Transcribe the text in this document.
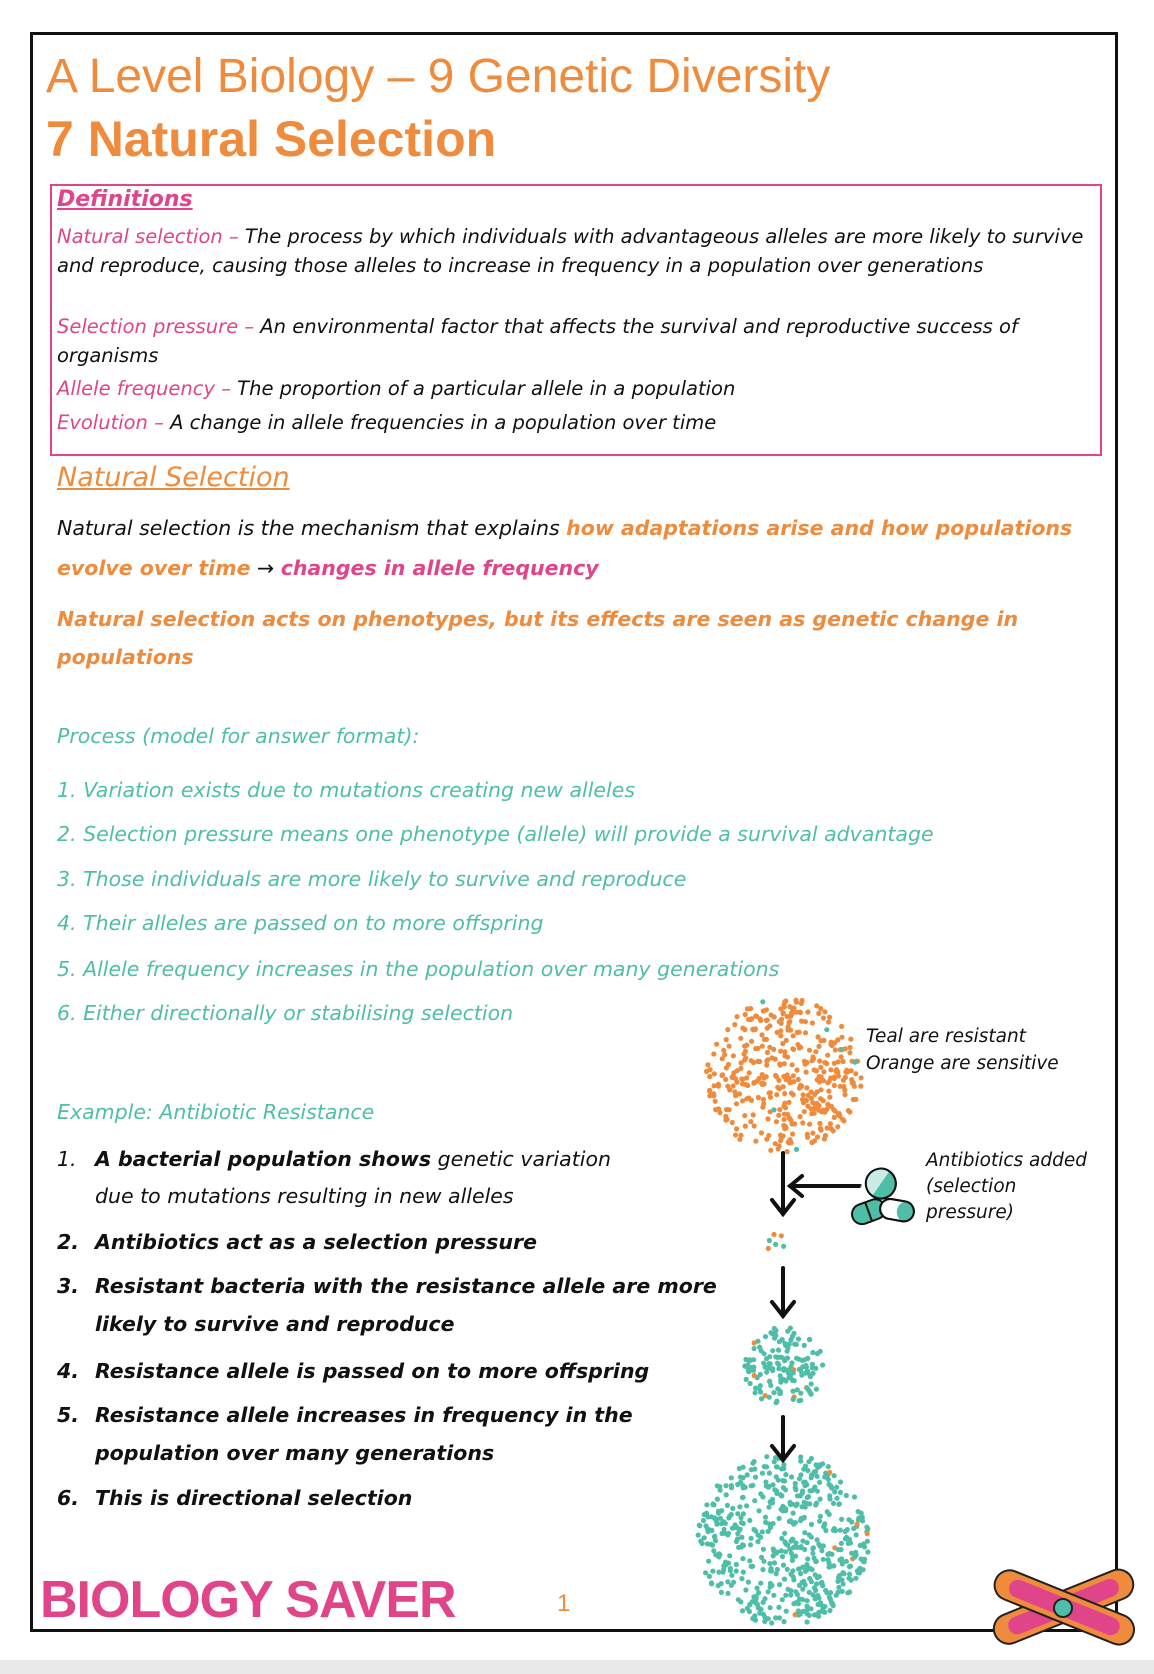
A Level Biology – 9 Genetic Diversity
7 Natural Selection
Definitions
Natural selection – The process by which individuals with advantageous alleles are more likely to survive and reproduce, causing those alleles to increase in frequency in a population over generations
Selection pressure – An environmental factor that affects the survival and reproductive success of organisms
Allele frequency – The proportion of a particular allele in a population
Evolution – A change in allele frequencies in a population over time
Natural Selection
Natural selection is the mechanism that explains how adaptations arise and how populations evolve over time → changes in allele frequency
Natural selection acts on phenotypes, but its effects are seen as genetic change in populations
Process (model for answer format):
1. Variation exists due to mutations creating new alleles
2. Selection pressure means one phenotype (allele) will provide a survival advantage
3. Those individuals are more likely to survive and reproduce
4. Their alleles are passed on to more offspring
5. Allele frequency increases in the population over many generations
6. Either directionally or stabilising selection
Example: Antibiotic Resistance
1. A bacterial population shows genetic variation
due to mutations resulting in new alleles
2. Antibiotics act as a selection pressure
3. Resistant bacteria with the resistance allele are more
likely to survive and reproduce
4. Resistance allele is passed on to more offspring
5. Resistance allele increases in frequency in the
population over many generations
6. This is directional selection
Teal are resistant
Orange are sensitive
Antibiotics added
(selection
pressure)
BIOLOGY SAVER	1
